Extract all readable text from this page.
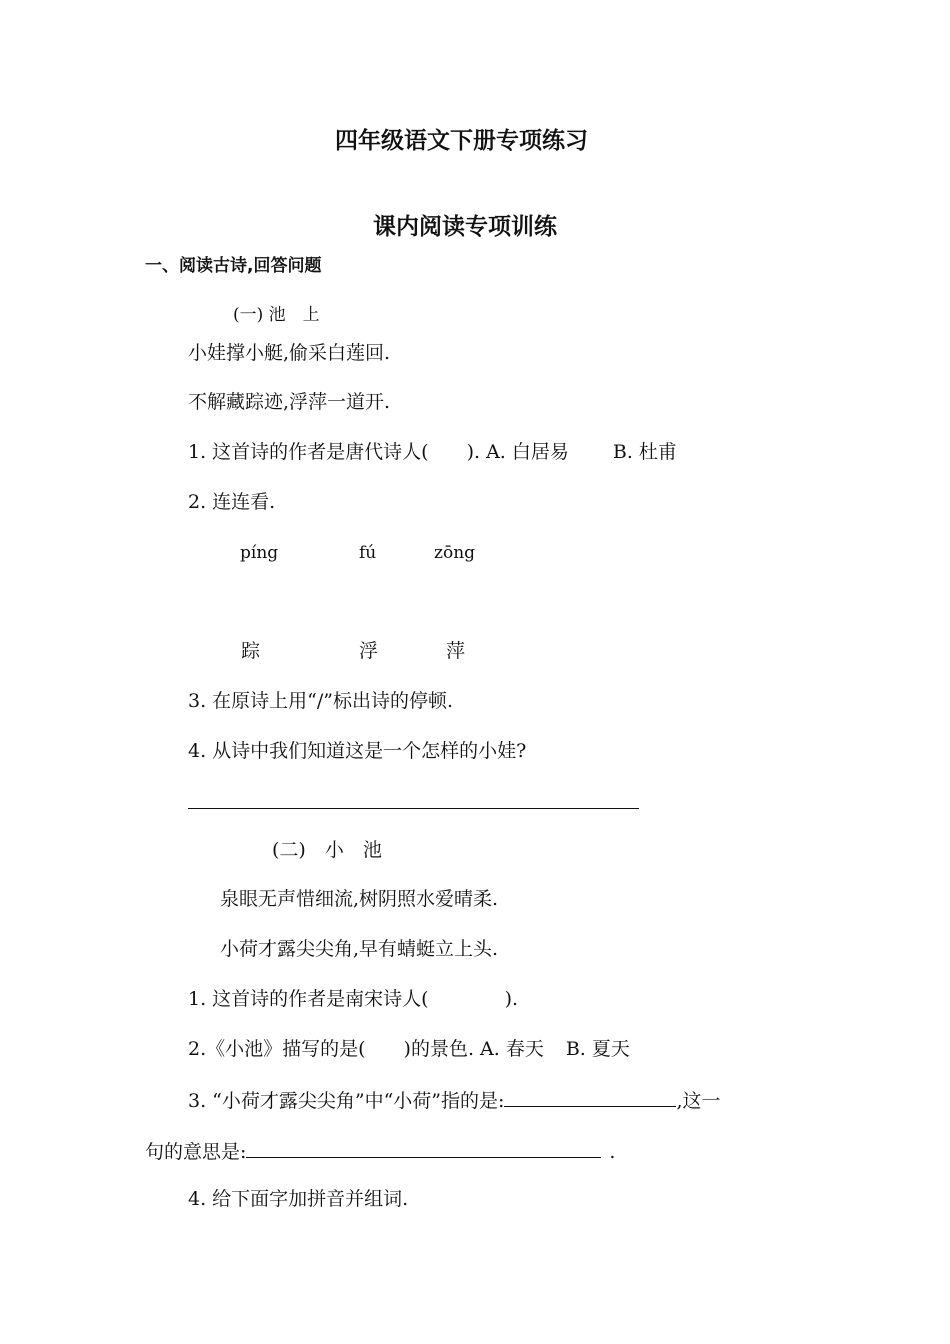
四年级语文下册专项练习
课内阅读专项训练
一、阅读古诗,回答问题
(一) 池　上
小娃撑小艇,偷采白莲回.
不解藏踪迹,浮萍一道开.
1. 这首诗的作者是唐代诗人(　　). A. 白居易 B. 杜甫
2. 连连看.
píng	fú	zōng
踪	浮	萍
3. 在原诗上用“/”标出诗的停顿.
4. 从诗中我们知道这是一个怎样的小娃?
(二)　小　池
泉眼无声惜细流,树阴照水爱晴柔.
小荷才露尖尖角,早有蜻蜓立上头.
1. 这首诗的作者是南宋诗人(　　　　).
2.《小池》描写的是(　　)的景色. A. 春天 B. 夏天
3. “小荷才露尖尖角”中“小荷”指的是:	,这一
句的意思是:	.
4. 给下面字加拼音并组词.
